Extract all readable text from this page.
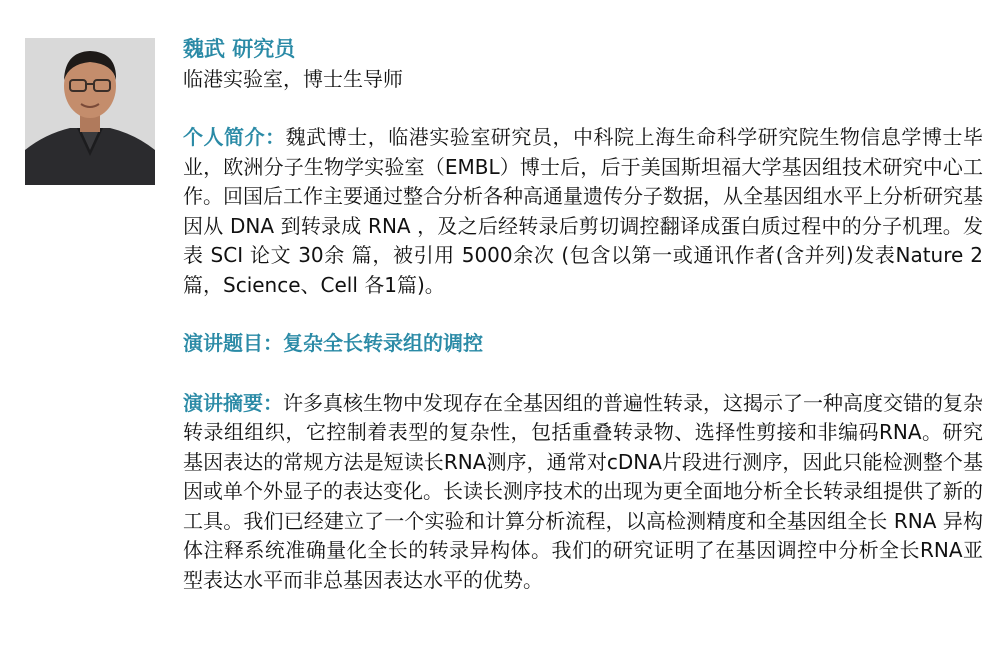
魏武 研究员
临港实验室，博士生导师
个人简介：魏武博士，临港实验室研究员，中科院上海生命科学研究院生物信息学博士毕业，欧洲分子生物学实验室（EMBL）博士后，后于美国斯坦福大学基因组技术研究中心工作。回国后工作主要通过整合分析各种高通量遗传分子数据，从全基因组水平上分析研究基因从 DNA 到转录成 RNA ，及之后经转录后剪切调控翻译成蛋白质过程中的分子机理。发表 SCI 论文 30余 篇，被引用 5000余次 (包含以第一或通讯作者(含并列)发表Nature 2篇，Science、Cell 各1篇)。
演讲题目：复杂全长转录组的调控
演讲摘要：许多真核生物中发现存在全基因组的普遍性转录，这揭示了一种高度交错的复杂转录组组织，它控制着表型的复杂性，包括重叠转录物、选择性剪接和非编码RNA。研究基因表达的常规方法是短读长RNA测序，通常对cDNA片段进行测序，因此只能检测整个基因或单个外显子的表达变化。长读长测序技术的出现为更全面地分析全长转录组提供了新的工具。我们已经建立了一个实验和计算分析流程，以高检测精度和全基因组全长 RNA 异构体注释系统准确量化全长的转录异构体。我们的研究证明了在基因调控中分析全长RNA亚型表达水平而非总基因表达水平的优势。
